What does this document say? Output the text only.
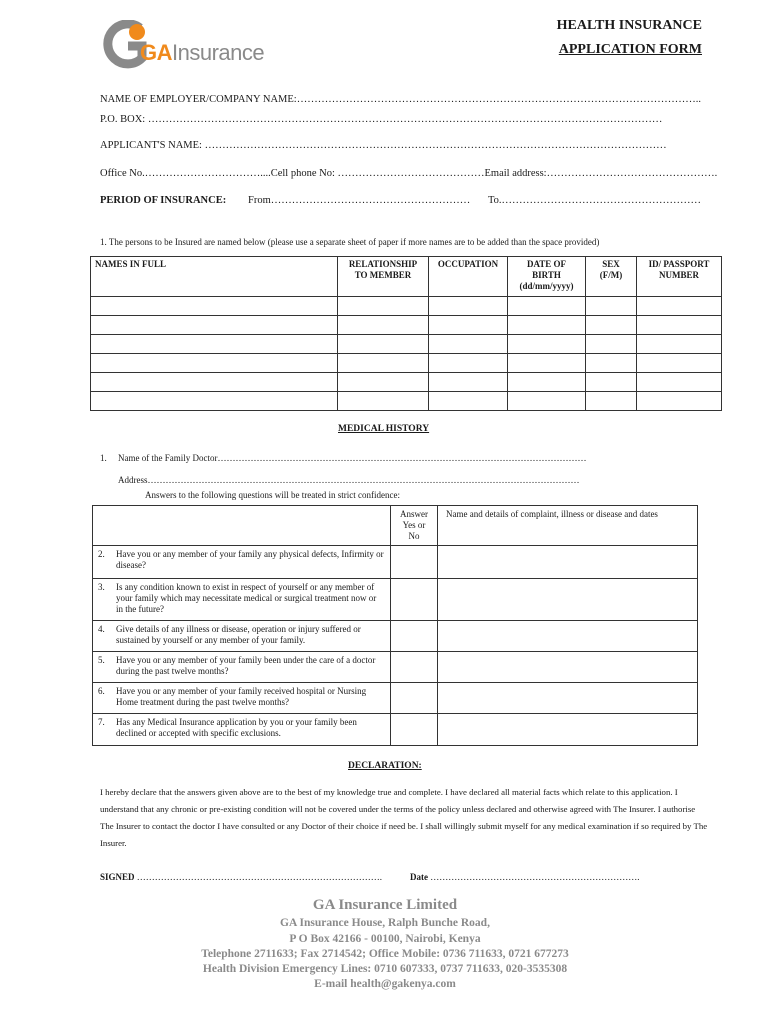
GAInsurance
HEALTH INSURANCE
APPLICATION FORM
NAME OF EMPLOYER/COMPANY NAME:……………………………………………………………………………………………………..
P.O. BOX: …………………………………………………………………………………………………………………………………
APPLICANT'S NAME: ……………………………………………………………………………………………………………………
Office No.……………………………....Cell phone No: ……………………………………Email address:………………………………………….
PERIOD OF INSURANCE: From………………………………………………… To.…………………………………………………
1. The persons to be Insured are named below (please use a separate sheet of paper if more names are to be added than the space provided)
NAMES IN FULL	RELATIONSHIP TO MEMBER	OCCUPATION	DATE OF BIRTH (dd/mm/yyyy)	SEX (F/M)	ID/ PASSPORT NUMBER

MEDICAL HISTORY
1. Name of the Family Doctor……………………………………………………………………………………………………………
Address………………………………………………………………………………………………………………………………
Answers to the following questions will be treated in strict confidence:
	Answer Yes or No	Name and details of complaint, illness or disease and dates

2. Have you or any member of your family any physical defects, Infirmity or disease?		

3. Is any condition known to exist in respect of yourself or any member of your family which may necessitate medical or surgical treatment now or in the future?		

4. Give details of any illness or disease, operation or injury suffered or sustained by yourself or any member of your family.		

5. Have you or any member of your family been under the care of a doctor during the past twelve months?		

6. Have you or any member of your family received hospital or Nursing Home treatment during the past twelve months?		

7. Has any Medical Insurance application by you or your family been declined or accepted with specific exclusions.		

DECLARATION:
I hereby declare that the answers given above are to the best of my knowledge true and complete. I have declared all material facts which relate to this application. I understand that any chronic or pre-existing condition will not be covered under the terms of the policy unless declared and otherwise agreed with The Insurer. I authorise The Insurer to contact the doctor I have consulted or any Doctor of their choice if need be. I shall willingly submit myself for any medical examination if so required by The Insurer.
SIGNED ……………………………………………………………………….	Date …………………………………………………………….
GA Insurance Limited
GA Insurance House, Ralph Bunche Road,
P O Box 42166 - 00100, Nairobi, Kenya
Telephone 2711633; Fax 2714542; Office Mobile: 0736 711633, 0721 677273
Health Division Emergency Lines: 0710 607333, 0737 711633, 020-3535308
E-mail health@gakenya.com
